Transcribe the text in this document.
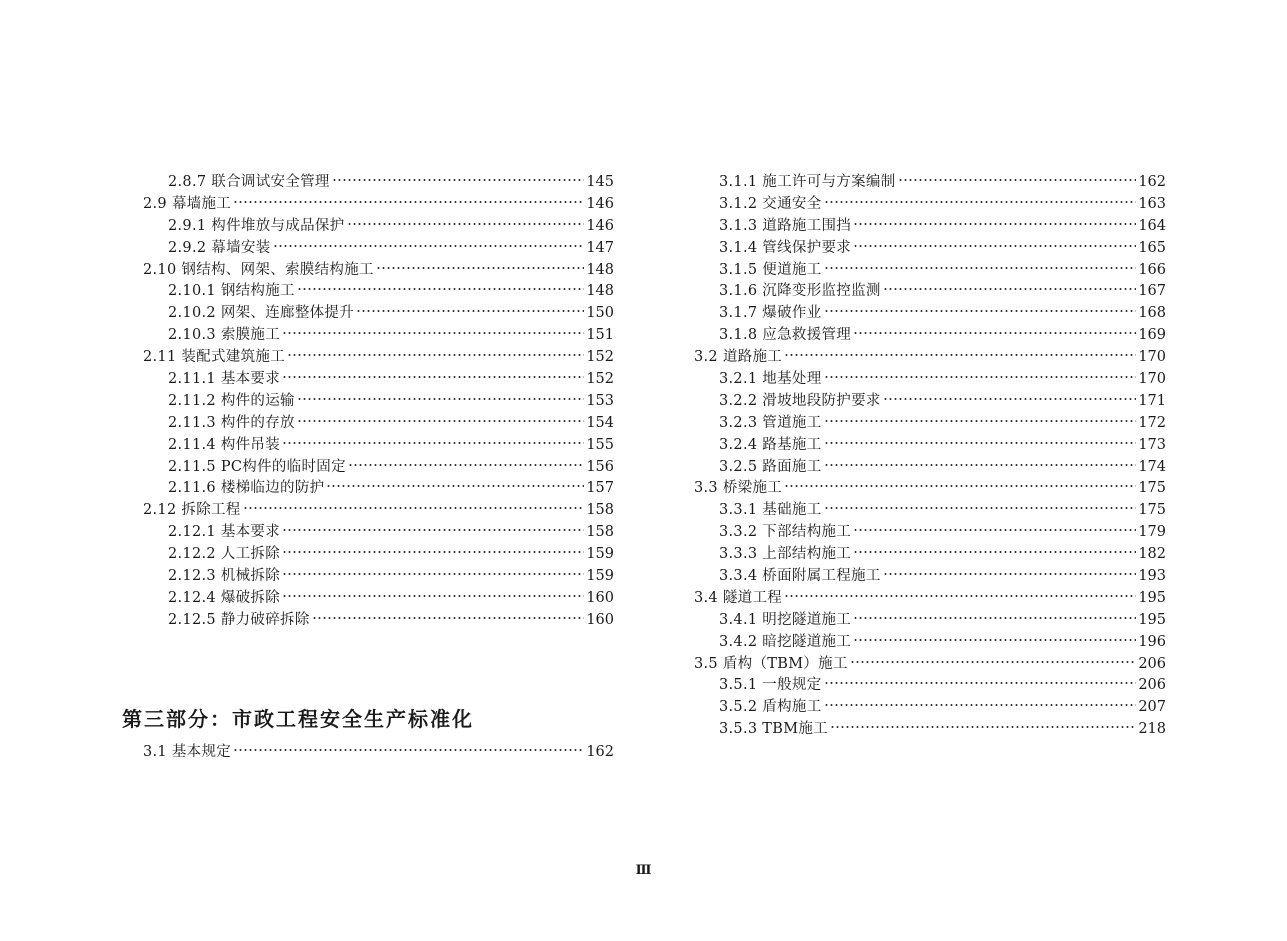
2.8.7 联合调试安全管理	145
2.9 幕墙施工	146
2.9.1 构件堆放与成品保护	146
2.9.2 幕墙安装	147
2.10 钢结构、网架、索膜结构施工	148
2.10.1 钢结构施工	148
2.10.2 网架、连廊整体提升	150
2.10.3 索膜施工	151
2.11 装配式建筑施工	152
2.11.1 基本要求	152
2.11.2 构件的运输	153
2.11.3 构件的存放	154
2.11.4 构件吊装	155
2.11.5 PC构件的临时固定	156
2.11.6 楼梯临边的防护	157
2.12 拆除工程	158
2.12.1 基本要求	158
2.12.2 人工拆除	159
2.12.3 机械拆除	159
2.12.4 爆破拆除	160
2.12.5 静力破碎拆除	160
第三部分：市政工程安全生产标准化
3.1 基本规定	162
3.1.1 施工许可与方案编制	162
3.1.2 交通安全	163
3.1.3 道路施工围挡	164
3.1.4 管线保护要求	165
3.1.5 便道施工	166
3.1.6 沉降变形监控监测	167
3.1.7 爆破作业	168
3.1.8 应急救援管理	169
3.2 道路施工	170
3.2.1 地基处理	170
3.2.2 滑坡地段防护要求	171
3.2.3 管道施工	172
3.2.4 路基施工	173
3.2.5 路面施工	174
3.3 桥梁施工	175
3.3.1 基础施工	175
3.3.2 下部结构施工	179
3.3.3 上部结构施工	182
3.3.4 桥面附属工程施工	193
3.4 隧道工程	195
3.4.1 明挖隧道施工	195
3.4.2 暗挖隧道施工	196
3.5 盾构（TBM）施工	206
3.5.1 一般规定	206
3.5.2 盾构施工	207
3.5.3 TBM施工	218
Ⅲ
